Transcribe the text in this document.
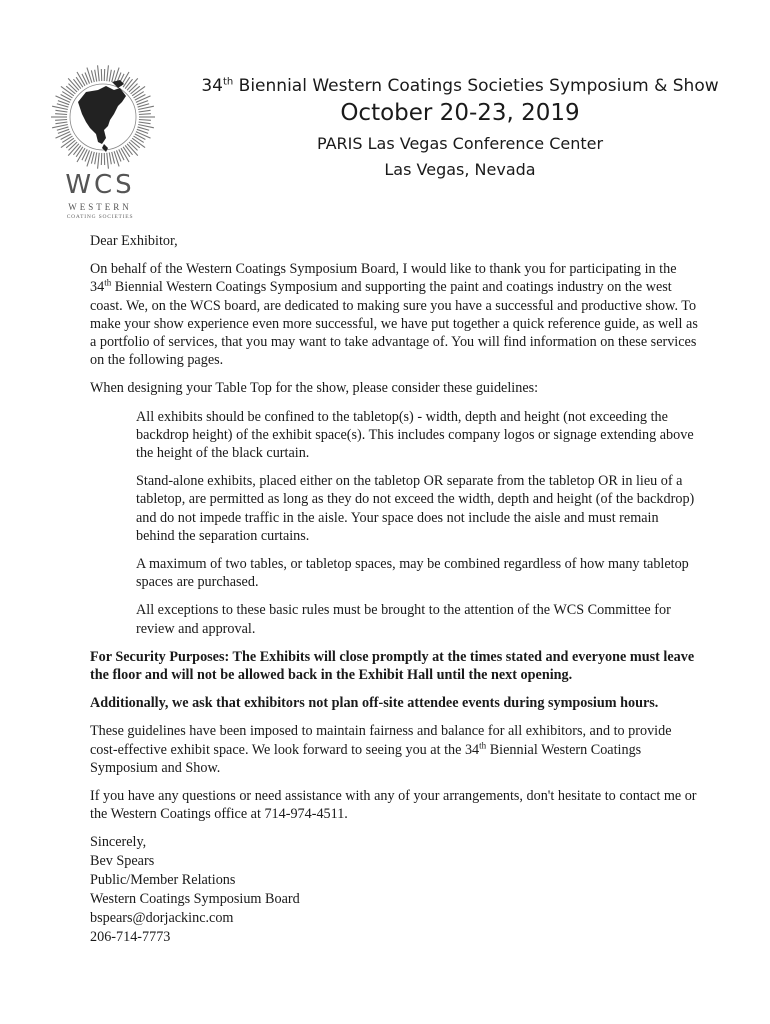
WCS
WESTERN
COATING SOCIETIES
34th Biennial Western Coatings Societies Symposium & Show
October 20-23, 2019
PARIS Las Vegas Conference Center
Las Vegas, Nevada

Dear Exhibitor,

On behalf of the Western Coatings Symposium Board, I would like to thank you for participating in the 34th Biennial Western Coatings Symposium and supporting the paint and coatings industry on the west coast. We, on the WCS board, are dedicated to making sure you have a successful and productive show. To make your show experience even more successful, we have put together a quick reference guide, as well as a portfolio of services, that you may want to take advantage of. You will find information on these services on the following pages.

When designing your Table Top for the show, please consider these guidelines:

All exhibits should be confined to the tabletop(s) - width, depth and height (not exceeding the backdrop height) of the exhibit space(s). This includes company logos or signage extending above the height of the black curtain.

Stand-alone exhibits, placed either on the tabletop OR separate from the tabletop OR in lieu of a tabletop, are permitted as long as they do not exceed the width, depth and height (of the backdrop) and do not impede traffic in the aisle. Your space does not include the aisle and must remain behind the separation curtains.

A maximum of two tables, or tabletop spaces, may be combined regardless of how many tabletop spaces are purchased.

All exceptions to these basic rules must be brought to the attention of the WCS Committee for review and approval.

For Security Purposes: The Exhibits will close promptly at the times stated and everyone must leave the floor and will not be allowed back in the Exhibit Hall until the next opening.

Additionally, we ask that exhibitors not plan off-site attendee events during symposium hours.

These guidelines have been imposed to maintain fairness and balance for all exhibitors, and to provide cost-effective exhibit space. We look forward to seeing you at the 34th Biennial Western Coatings Symposium and Show.

If you have any questions or need assistance with any of your arrangements, don't hesitate to contact me or the Western Coatings office at 714-974-4511.

Sincerely,
Bev Spears
Public/Member Relations
Western Coatings Symposium Board
bspears@dorjackinc.com
206-714-7773
